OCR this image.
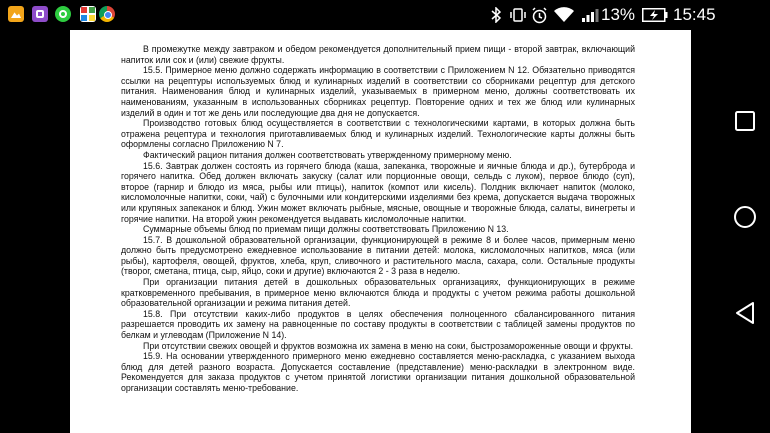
13% 15:45

В промежутке между завтраком и обедом рекомендуется дополнительный прием пищи - второй завтрак, включающий напиток или сок и (или) свежие фрукты.

15.5. Примерное меню должно содержать информацию в соответствии с Приложением N 12. Обязательно приводятся ссылки на рецептуры используемых блюд и кулинарных изделий в соответствии со сборниками рецептур для детского питания. Наименования блюд и кулинарных изделий, указываемых в примерном меню, должны соответствовать их наименованиям, указанным в использованных сборниках рецептур. Повторение одних и тех же блюд или кулинарных изделий в один и тот же день или последующие два дня не допускается.

Производство готовых блюд осуществляется в соответствии с технологическими картами, в которых должна быть отражена рецептура и технология приготавливаемых блюд и кулинарных изделий. Технологические карты должны быть оформлены согласно Приложению N 7.

Фактический рацион питания должен соответствовать утвержденному примерному меню.

15.6. Завтрак должен состоять из горячего блюда (каша, запеканка, творожные и яичные блюда и др.), бутерброда и горячего напитка. Обед должен включать закуску (салат или порционные овощи, сельдь с луком), первое блюдо (суп), второе (гарнир и блюдо из мяса, рыбы или птицы), напиток (компот или кисель). Полдник включает напиток (молоко, кисломолочные напитки, соки, чай) с булочными или кондитерскими изделиями без крема, допускается выдача творожных или крупяных запеканок и блюд. Ужин может включать рыбные, мясные, овощные и творожные блюда, салаты, винегреты и горячие напитки. На второй ужин рекомендуется выдавать кисломолочные напитки.

Суммарные объемы блюд по приемам пищи должны соответствовать Приложению N 13.

15.7. В дошкольной образовательной организации, функционирующей в режиме 8 и более часов, примерным меню должно быть предусмотрено ежедневное использование в питании детей: молока, кисломолочных напитков, мяса (или рыбы), картофеля, овощей, фруктов, хлеба, круп, сливочного и растительного масла, сахара, соли. Остальные продукты (творог, сметана, птица, сыр, яйцо, соки и другие) включаются 2 - 3 раза в неделю.

При организации питания детей в дошкольных образовательных организациях, функционирующих в режиме кратковременного пребывания, в примерное меню включаются блюда и продукты с учетом режима работы дошкольной образовательной организации и режима питания детей.

15.8. При отсутствии каких-либо продуктов в целях обеспечения полноценного сбалансированного питания разрешается проводить их замену на равноценные по составу продукты в соответствии с таблицей замены продуктов по белкам и углеводам (Приложение N 14).

При отсутствии свежих овощей и фруктов возможна их замена в меню на соки, быстрозамороженные овощи и фрукты.

15.9. На основании утвержденного примерного меню ежедневно составляется меню-раскладка, с указанием выхода блюд для детей разного возраста. Допускается составление (представление) меню-раскладки в электронном виде. Рекомендуется для заказа продуктов с учетом принятой логистики организации питания дошкольной образовательной организации составлять меню-требование.
